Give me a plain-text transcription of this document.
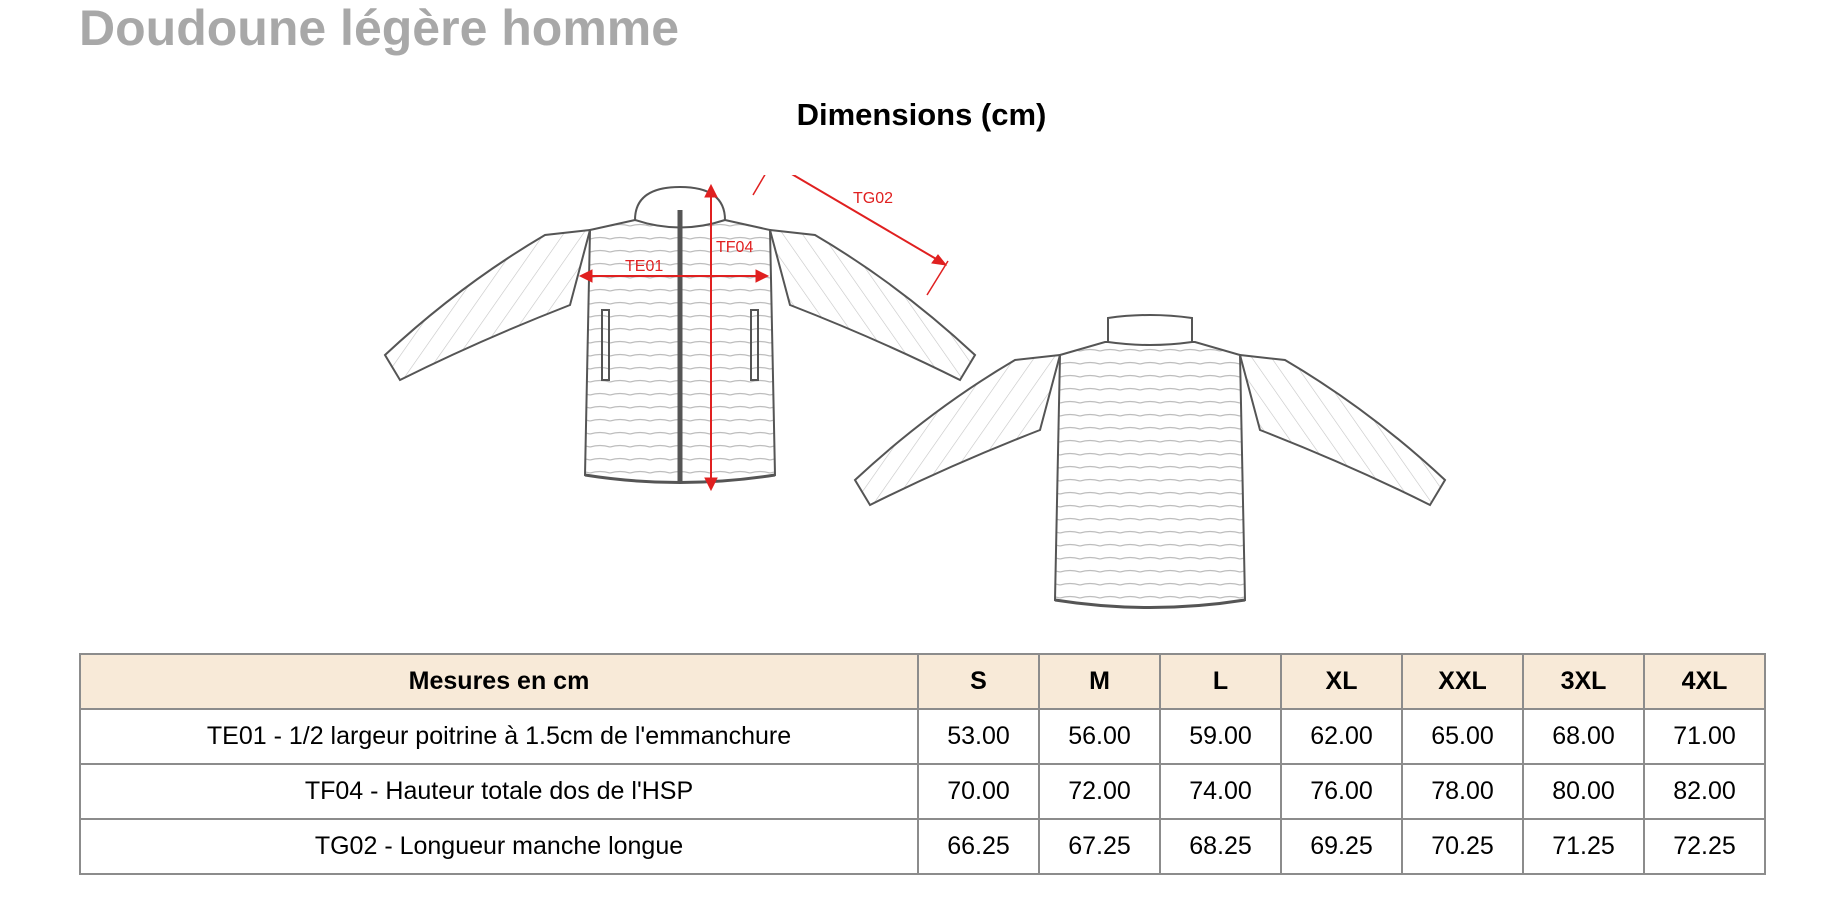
Doudoune légère homme
Dimensions (cm)
TE01
TF04
TG02
Mesures en cm	S	M	L	XL	XXL	3XL	4XL
TE01 - 1/2 largeur poitrine à 1.5cm de l'emmanchure	53.00	56.00	59.00	62.00	65.00	68.00	71.00
TF04 - Hauteur totale dos de l'HSP	70.00	72.00	74.00	76.00	78.00	80.00	82.00
TG02 - Longueur manche longue	66.25	67.25	68.25	69.25	70.25	71.25	72.25
